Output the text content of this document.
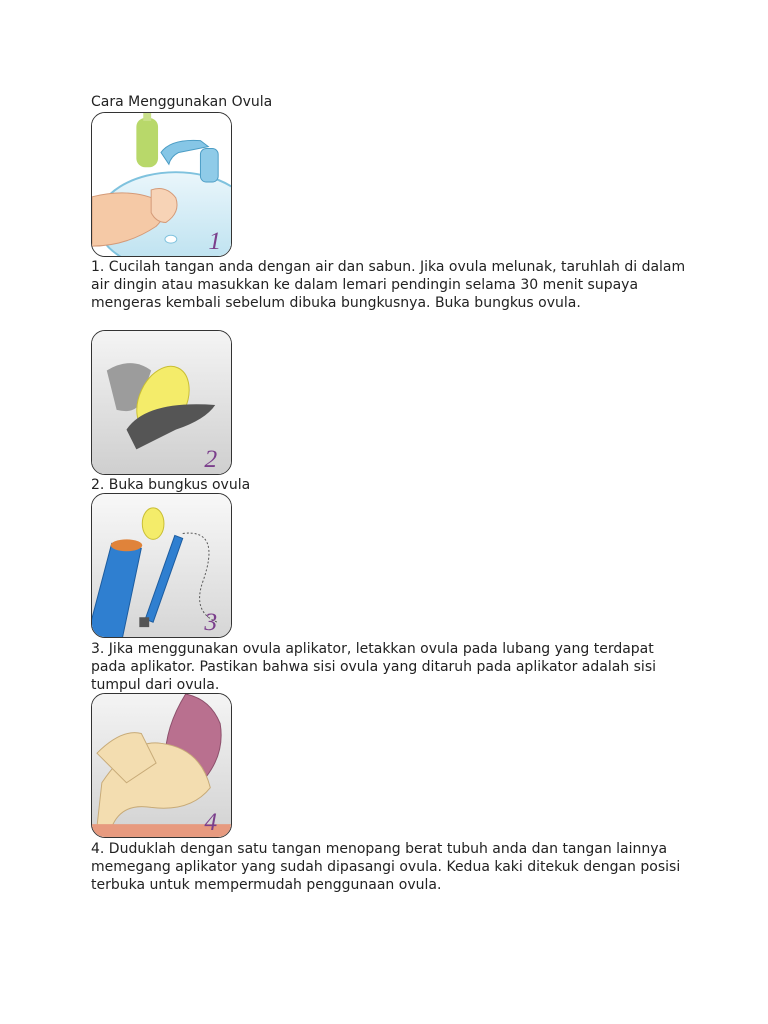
Cara Menggunakan Ovula
1

1. Cucilah tangan anda dengan air dan sabun. Jika ovula melunak, taruhlah di dalam air dingin atau masukkan ke dalam lemari pendingin selama 30 menit supaya mengeras kembali sebelum dibuka bungkusnya. Buka bungkus ovula.

2

2. Buka bungkus ovula

3

3. Jika menggunakan ovula aplikator, letakkan ovula pada lubang yang terdapat pada aplikator. Pastikan bahwa sisi ovula yang ditaruh pada aplikator adalah sisi tumpul dari ovula.

4

4. Duduklah dengan satu tangan menopang berat tubuh anda dan tangan lainnya memegang aplikator yang sudah dipasangi ovula. Kedua kaki ditekuk dengan posisi terbuka untuk mempermudah penggunaan ovula.
